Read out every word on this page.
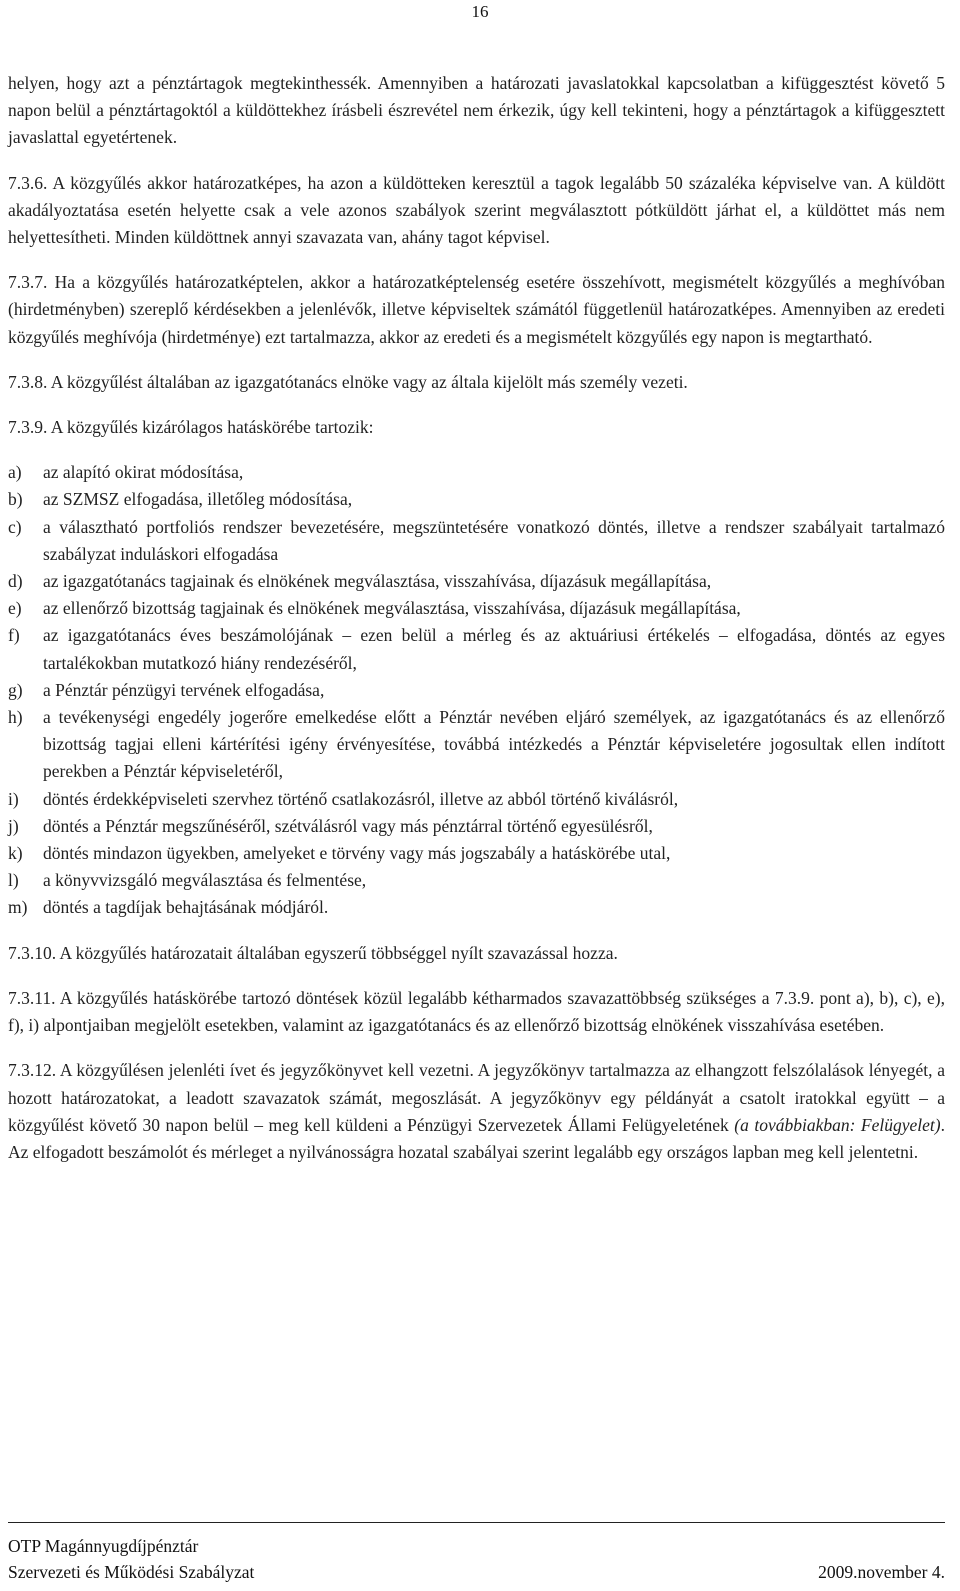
16

helyen, hogy azt a pénztártagok megtekinthessék. Amennyiben a határozati javaslatokkal kapcsolatban a kifüggesztést követő 5 napon belül a pénztártagoktól a küldöttekhez írásbeli észrevétel nem érkezik, úgy kell tekinteni, hogy a pénztártagok a kifüggesztett javaslattal egyetértenek.

7.3.6. A közgyűlés akkor határozatképes, ha azon a küldötteken keresztül a tagok legalább 50 százaléka képviselve van. A küldött akadályoztatása esetén helyette csak a vele azonos szabályok szerint megválasztott pótküldött járhat el, a küldöttet más nem helyettesítheti. Minden küldöttnek annyi szavazata van, ahány tagot képvisel.

7.3.7. Ha a közgyűlés határozatképtelen, akkor a határozatképtelenség esetére összehívott, megismételt közgyűlés a meghívóban (hirdetményben) szereplő kérdésekben a jelenlévők, illetve képviseltek számától függetlenül határozatképes. Amennyiben az eredeti közgyűlés meghívója (hirdetménye) ezt tartalmazza, akkor az eredeti és a megismételt közgyűlés egy napon is megtartható.

7.3.8. A közgyűlést általában az igazgatótanács elnöke vagy az általa kijelölt más személy vezeti.

7.3.9. A közgyűlés kizárólagos hatáskörébe tartozik:

a)	az alapító okirat módosítása,
b)	az SZMSZ elfogadása, illetőleg módosítása,
c)	a választható portfoliós rendszer bevezetésére, megszüntetésére vonatkozó döntés, illetve a rendszer szabályait tartalmazó szabályzat induláskori elfogadása
d)	az igazgatótanács tagjainak és elnökének megválasztása, visszahívása, díjazásuk megállapítása,
e)	az ellenőrző bizottság tagjainak és elnökének megválasztása, visszahívása, díjazásuk megállapítása,
f)	az igazgatótanács éves beszámolójának – ezen belül a mérleg és az aktuáriusi értékelés – elfogadása, döntés az egyes tartalékokban mutatkozó hiány rendezéséről,
g)	a Pénztár pénzügyi tervének elfogadása,
h)	a tevékenységi engedély jogerőre emelkedése előtt a Pénztár nevében eljáró személyek, az igazgatótanács és az ellenőrző bizottság tagjai elleni kártérítési igény érvényesítése, továbbá intézkedés a Pénztár képviseletére jogosultak ellen indított perekben a Pénztár képviseletéről,
i)	döntés érdekképviseleti szervhez történő csatlakozásról, illetve az abból történő kiválásról,
j)	döntés a Pénztár megszűnéséről, szétválásról vagy más pénztárral történő egyesülésről,
k)	döntés mindazon ügyekben, amelyeket e törvény vagy más jogszabály a hatáskörébe utal,
l)	a könyvvizsgáló megválasztása és felmentése,
m) döntés a tagdíjak behajtásának módjáról.

7.3.10. A közgyűlés határozatait általában egyszerű többséggel nyílt szavazással hozza.

7.3.11. A közgyűlés hatáskörébe tartozó döntések közül legalább kétharmados szavazattöbbség szükséges a 7.3.9. pont a), b), c), e), f), i) alpontjaiban megjelölt esetekben, valamint az igazgatótanács és az ellenőrző bizottság elnökének visszahívása esetében.

7.3.12. A közgyűlésen jelenléti ívet és jegyzőkönyvet kell vezetni. A jegyzőkönyv tartalmazza az elhangzott felszólalások lényegét, a hozott határozatokat, a leadott szavazatok számát, megoszlását. A jegyzőkönyv egy példányát a csatolt iratokkal együtt – a közgyűlést követő 30 napon belül – meg kell küldeni a Pénzügyi Szervezetek Állami Felügyeletének (a továbbiakban: Felügyelet). Az elfogadott beszámolót és mérleget a nyilvánosságra hozatal szabályai szerint legalább egy országos lapban meg kell jelentetni.

OTP Magánnyugdíjpénztár
Szervezeti és Működési Szabályzat	2009.november 4.
